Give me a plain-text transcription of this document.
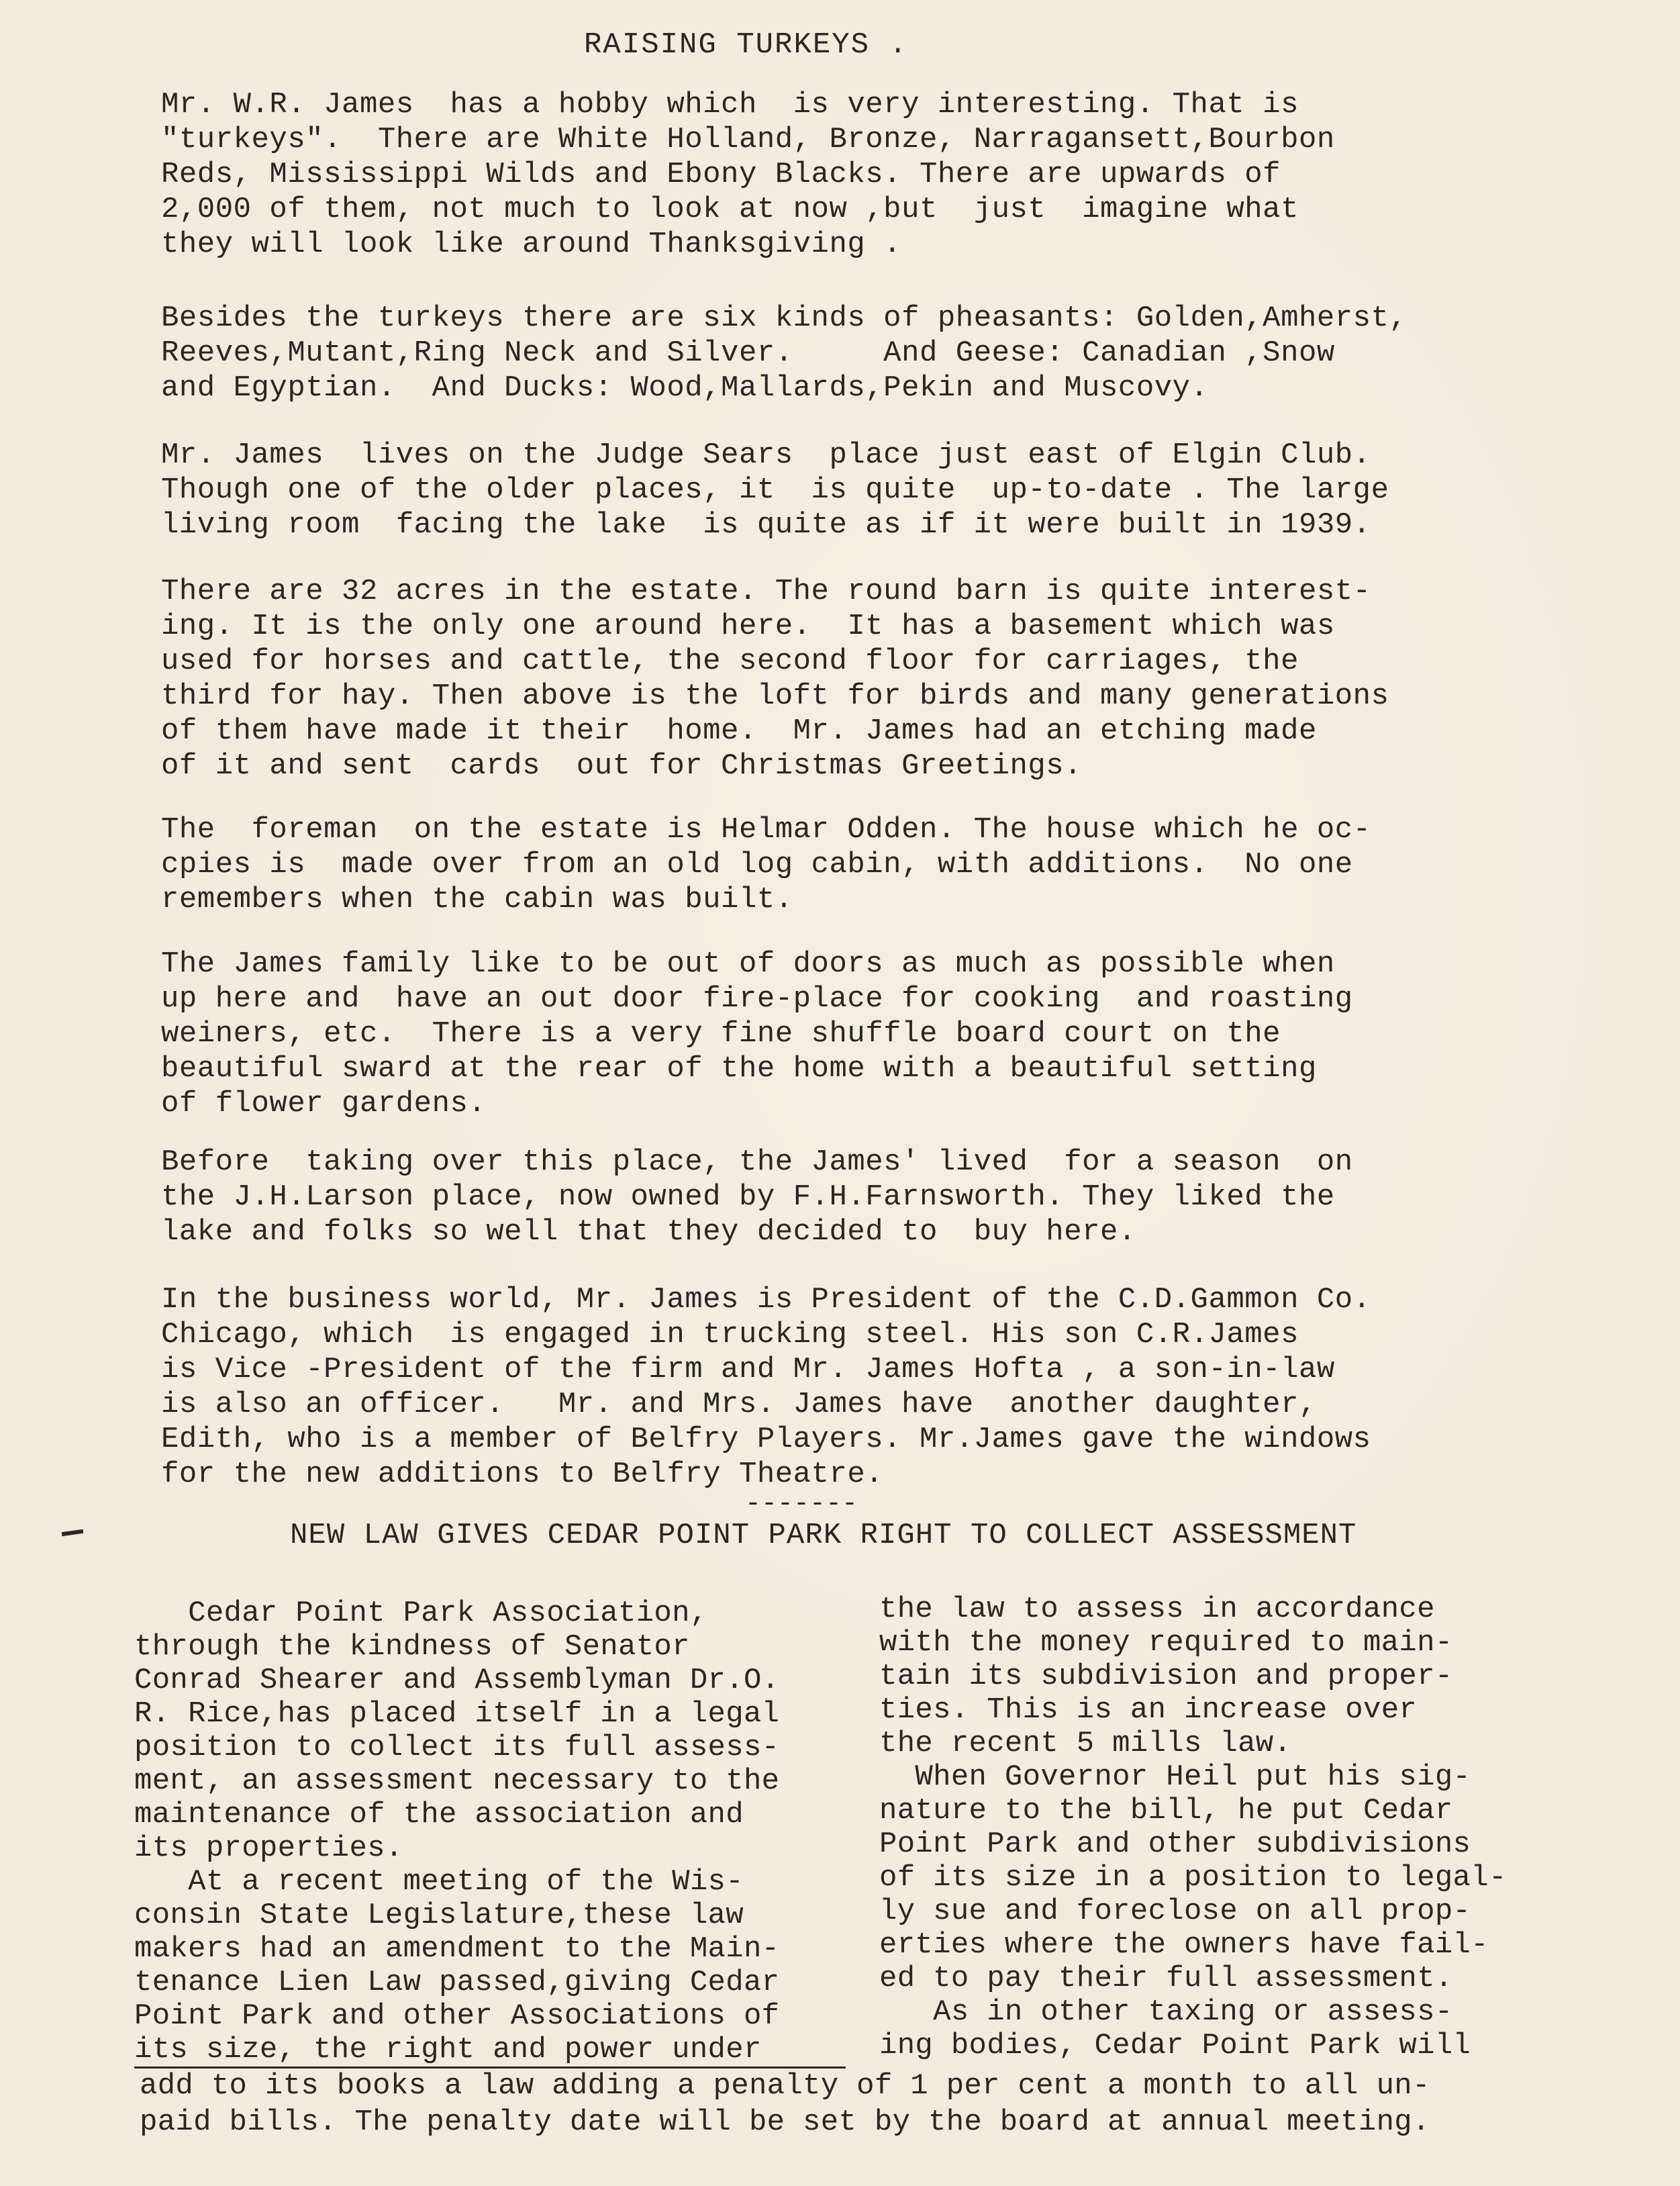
RAISING TURKEYS .

Mr. W.R. James  has a hobby which  is very interesting. That is
"turkeys".  There are White Holland, Bronze, Narragansett,Bourbon
Reds, Mississippi Wilds and Ebony Blacks. There are upwards of
2,000 of them, not much to look at now ,but  just  imagine what
they will look like around Thanksgiving .

Besides the turkeys there are six kinds of pheasants: Golden,Amherst,
Reeves,Mutant,Ring Neck and Silver.     And Geese: Canadian ,Snow
and Egyptian.  And Ducks: Wood,Mallards,Pekin and Muscovy.

Mr. James  lives on the Judge Sears  place just east of Elgin Club.
Though one of the older places, it  is quite  up-to-date . The large
living room  facing the lake  is quite as if it were built in 1939.

There are 32 acres in the estate. The round barn is quite interest-
ing. It is the only one around here.  It has a basement which was
used for horses and cattle, the second floor for carriages, the
third for hay. Then above is the loft for birds and many generations
of them have made it their  home.  Mr. James had an etching made
of it and sent  cards  out for Christmas Greetings.

The  foreman  on the estate is Helmar Odden. The house which he oc-
cpies is  made over from an old log cabin, with additions.  No one
remembers when the cabin was built.

The James family like to be out of doors as much as possible when
up here and  have an out door fire-place for cooking  and roasting
weiners, etc.  There is a very fine shuffle board court on the
beautiful sward at the rear of the home with a beautiful setting
of flower gardens.

Before  taking over this place, the James' lived  for a season  on
the J.H.Larson place, now owned by F.H.Farnsworth. They liked the
lake and folks so well that they decided to  buy here.

In the business world, Mr. James is President of the C.D.Gammon Co.
Chicago, which  is engaged in trucking steel. His son C.R.James
is Vice -President of the firm and Mr. James Hofta , a son-in-law
is also an officer.   Mr. and Mrs. James have  another daughter,
Edith, who is a member of Belfry Players. Mr.James gave the windows
for the new additions to Belfry Theatre.

-------
NEW LAW GIVES CEDAR POINT PARK RIGHT TO COLLECT ASSESSMENT

Cedar Point Park Association,
through the kindness of Senator
Conrad Shearer and Assemblyman Dr.O.
R. Rice,has placed itself in a legal
position to collect its full assess-
ment, an assessment necessary to the
maintenance of the association and
its properties.
At a recent meeting of the Wis-
consin State Legislature,these law
makers had an amendment to the Main-
tenance Lien Law passed,giving Cedar
Point Park and other Associations of
its size, the right and power under

the law to assess in accordance
with the money required to main-
tain its subdivision and proper-
ties. This is an increase over
the recent 5 mills law.
When Governor Heil put his sig-
nature to the bill, he put Cedar
Point Park and other subdivisions
of its size in a position to legal-
ly sue and foreclose on all prop-
erties where the owners have fail-
ed to pay their full assessment.
As in other taxing or assess-
ing bodies, Cedar Point Park will

add to its books a law adding a penalty of 1 per cent a month to all un-
paid bills. The penalty date will be set by the board at annual meeting.
